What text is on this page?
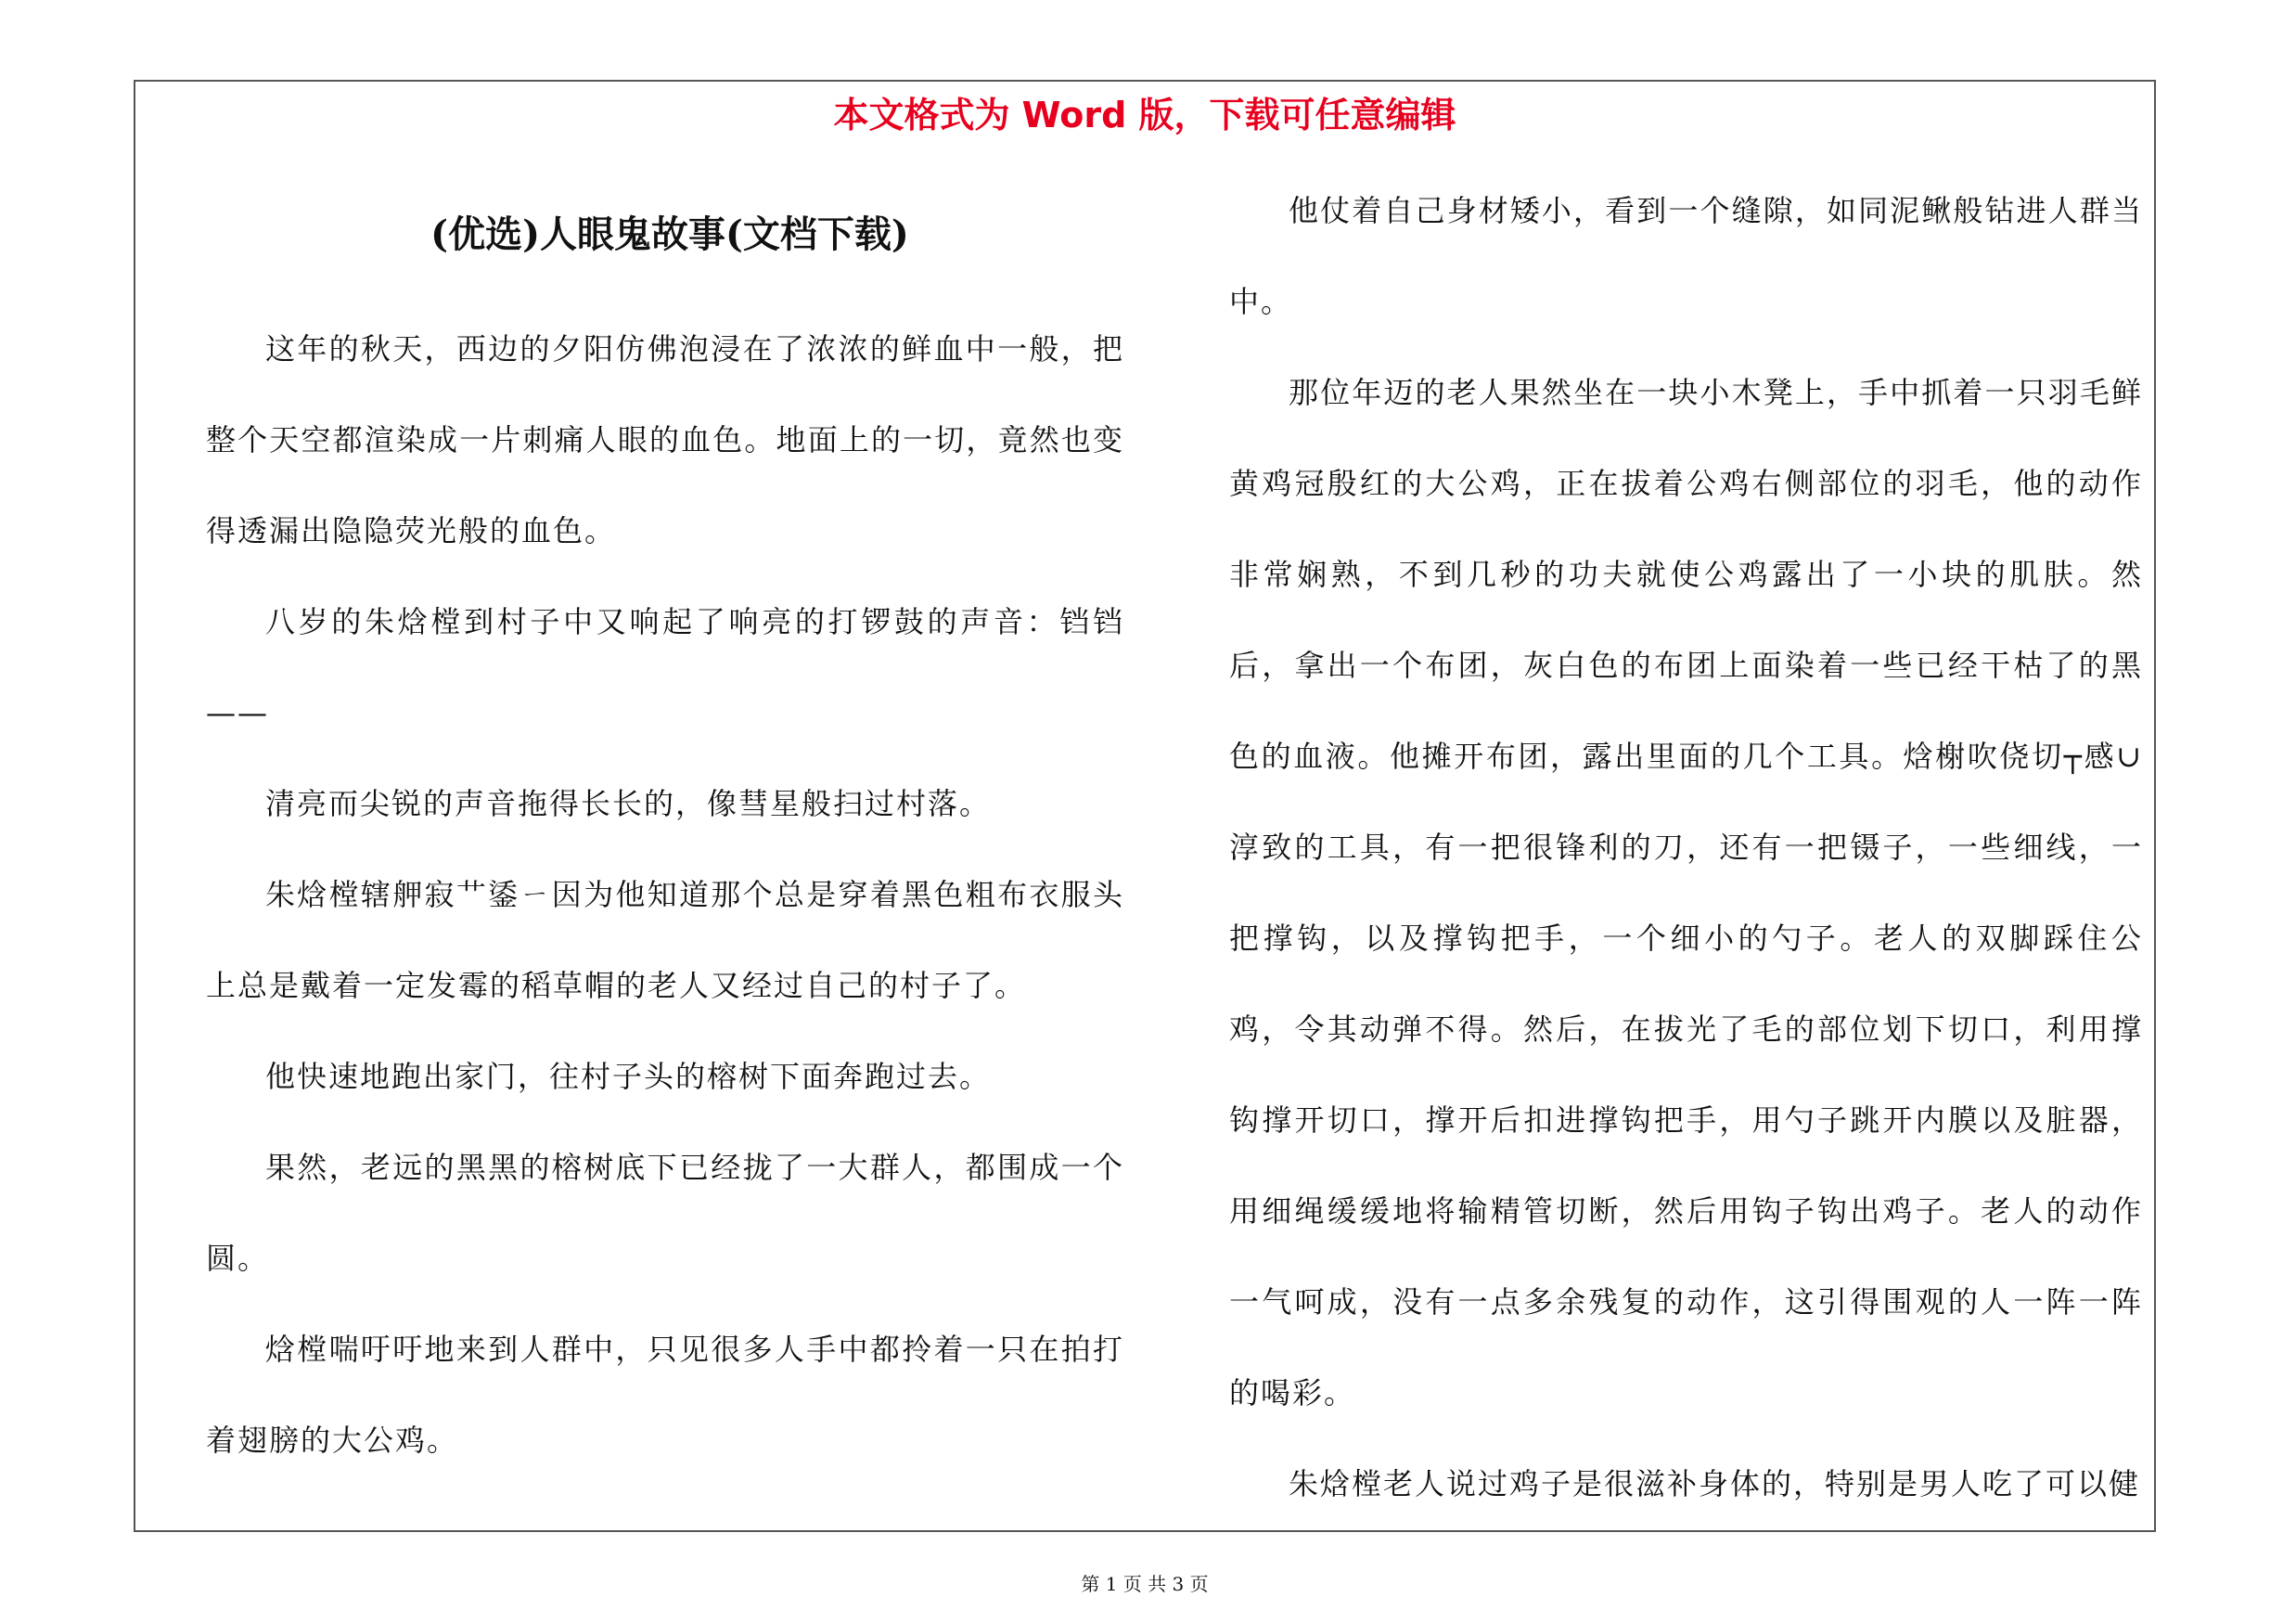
本文格式为 Word 版，下载可任意编辑
第 1 页 共 3 页
(优选)人眼鬼故事(文档下载)

这年的秋天，西边的夕阳仿佛泡浸在了浓浓的鲜血中一般，把整个天空都渲染成一片刺痛人眼的血色。地面上的一切，竟然也变得透漏出隐隐荧光般的血色。

八岁的朱焓樘到村子中又响起了响亮的打锣鼓的声音：铛铛——

清亮而尖锐的声音拖得长长的，像彗星般扫过村落。

朱焓樘辖舺寂艹鋈ㄧ因为他知道那个总是穿着黑色粗布衣服头上总是戴着一定发霉的稻草帽的老人又经过自己的村子了。

他快速地跑出家门，往村子头的榕树下面奔跑过去。

果然，老远的黑黑的榕树底下已经拢了一大群人，都围成一个圆。

焓樘喘吁吁地来到人群中，只见很多人手中都拎着一只在拍打着翅膀的大公鸡。

他仗着自己身材矮小，看到一个缝隙，如同泥鳅般钻进人群当中。

那位年迈的老人果然坐在一块小木凳上，手中抓着一只羽毛鲜黄鸡冠殷红的大公鸡，正在拔着公鸡右侧部位的羽毛，他的动作非常娴熟，不到几秒的功夫就使公鸡露出了一小块的肌肤。然后，拿出一个布团，灰白色的布团上面染着一些已经干枯了的黑色的血液。他摊开布团，露出里面的几个工具。焓榭吹侥切┬感∪淳致的工具，有一把很锋利的刀，还有一把镊子，一些细线，一把撑钩，以及撑钩把手，一个细小的勺子。老人的双脚踩住公鸡，令其动弹不得。然后，在拔光了毛的部位划下切口，利用撑钩撑开切口，撑开后扣进撑钩把手，用勺子跳开内膜以及脏器，用细绳缓缓地将输精管切断，然后用钩子钩出鸡子。老人的动作一气呵成，没有一点多余残复的动作，这引得围观的人一阵一阵的喝彩。

朱焓樘老人说过鸡子是很滋补身体的，特别是男人吃了可以健
